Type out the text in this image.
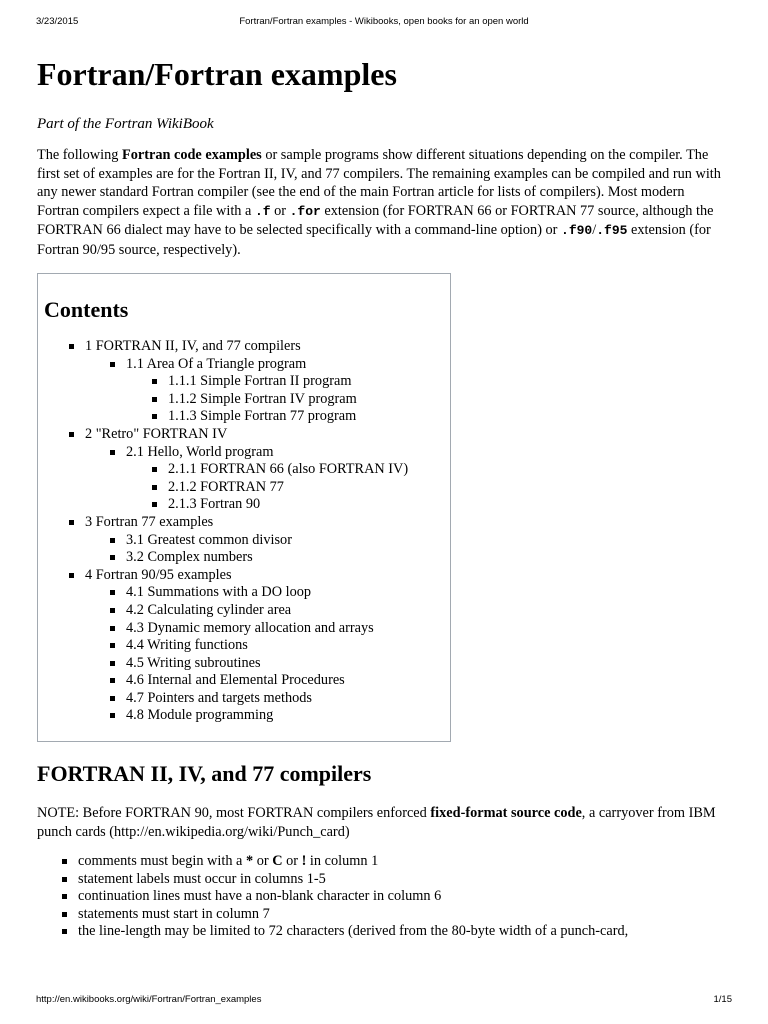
3/23/2015	Fortran/Fortran examples - Wikibooks, open books for an open world
Fortran/Fortran examples

Part of the Fortran WikiBook

The following Fortran code examples or sample programs show different situations depending on the compiler. The first set of examples are for the Fortran II, IV, and 77 compilers. The remaining examples can be compiled and run with any newer standard Fortran compiler (see the end of the main Fortran article for lists of compilers). Most modern Fortran compilers expect a file with a .f or .for extension (for FORTRAN 66 or FORTRAN 77 source, although the FORTRAN 66 dialect may have to be selected specifically with a command-line option) or .f90/.f95 extension (for Fortran 90/95 source, respectively).

Contents
1 FORTRAN II, IV, and 77 compilers
1.1 Area Of a Triangle program
1.1.1 Simple Fortran II program
1.1.2 Simple Fortran IV program
1.1.3 Simple Fortran 77 program
2 "Retro" FORTRAN IV
2.1 Hello, World program
2.1.1 FORTRAN 66 (also FORTRAN IV)
2.1.2 FORTRAN 77
2.1.3 Fortran 90
3 Fortran 77 examples
3.1 Greatest common divisor
3.2 Complex numbers
4 Fortran 90/95 examples
4.1 Summations with a DO loop
4.2 Calculating cylinder area
4.3 Dynamic memory allocation and arrays
4.4 Writing functions
4.5 Writing subroutines
4.6 Internal and Elemental Procedures
4.7 Pointers and targets methods
4.8 Module programming
FORTRAN II, IV, and 77 compilers

NOTE: Before FORTRAN 90, most FORTRAN compilers enforced fixed-format source code, a carryover from IBM punch cards (http://en.wikipedia.org/wiki/Punch_card)

comments must begin with a * or C or ! in column 1
statement labels must occur in columns 1-5
continuation lines must have a non-blank character in column 6
statements must start in column 7
the line-length may be limited to 72 characters (derived from the 80-byte width of a punch-card,
http://en.wikibooks.org/wiki/Fortran/Fortran_examples	1/15
